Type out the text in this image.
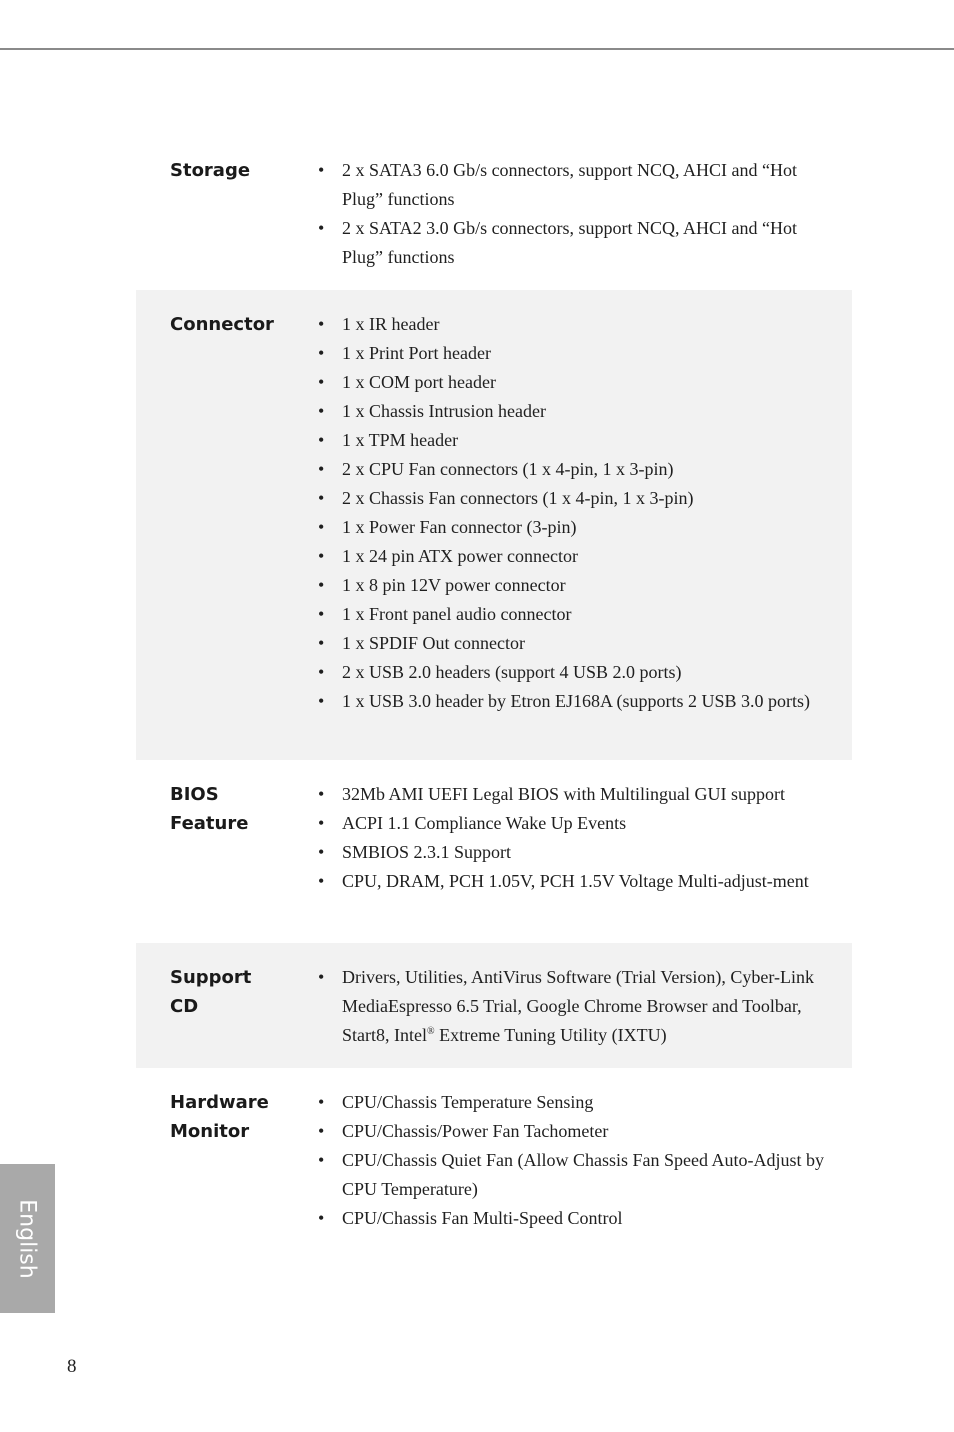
Storage	• 2 x SATA3 6.0 Gb/s connectors, support NCQ, AHCI and “Hot Plug” functions
• 2 x SATA2 3.0 Gb/s connectors, support NCQ, AHCI and “Hot Plug” functions
Connector	• 1 x IR header
• 1 x Print Port header
• 1 x COM port header
• 1 x Chassis Intrusion header
• 1 x TPM header
• 2 x CPU Fan connectors (1 x 4-pin, 1 x 3-pin)
• 2 x Chassis Fan connectors (1 x 4-pin, 1 x 3-pin)
• 1 x Power Fan connector (3-pin)
• 1 x 24 pin ATX power connector
• 1 x 8 pin 12V power connector
• 1 x Front panel audio connector
• 1 x SPDIF Out connector
• 2 x USB 2.0 headers (support 4 USB 2.0 ports)
• 1 x USB 3.0 header by Etron EJ168A (supports 2 USB 3.0 ports)
BIOS
Feature
• 32Mb AMI UEFI Legal BIOS with Multilingual GUI support
• ACPI 1.1 Compliance Wake Up Events
• SMBIOS 2.3.1 Support
• CPU, DRAM, PCH 1.05V, PCH 1.5V Voltage Multi-adjust-ment
Support
CD
• Drivers, Utilities, AntiVirus Software (Trial Version), Cyber-Link MediaEspresso 6.5 Trial, Google Chrome Browser and Toolbar, Start8, Intel® Extreme Tuning Utility (IXTU)
Hardware
Monitor
• CPU/Chassis Temperature Sensing
• CPU/Chassis/Power Fan Tachometer
• CPU/Chassis Quiet Fan (Allow Chassis Fan Speed Auto-Adjust by CPU Temperature)
• CPU/Chassis Fan Multi-Speed Control
English
8
